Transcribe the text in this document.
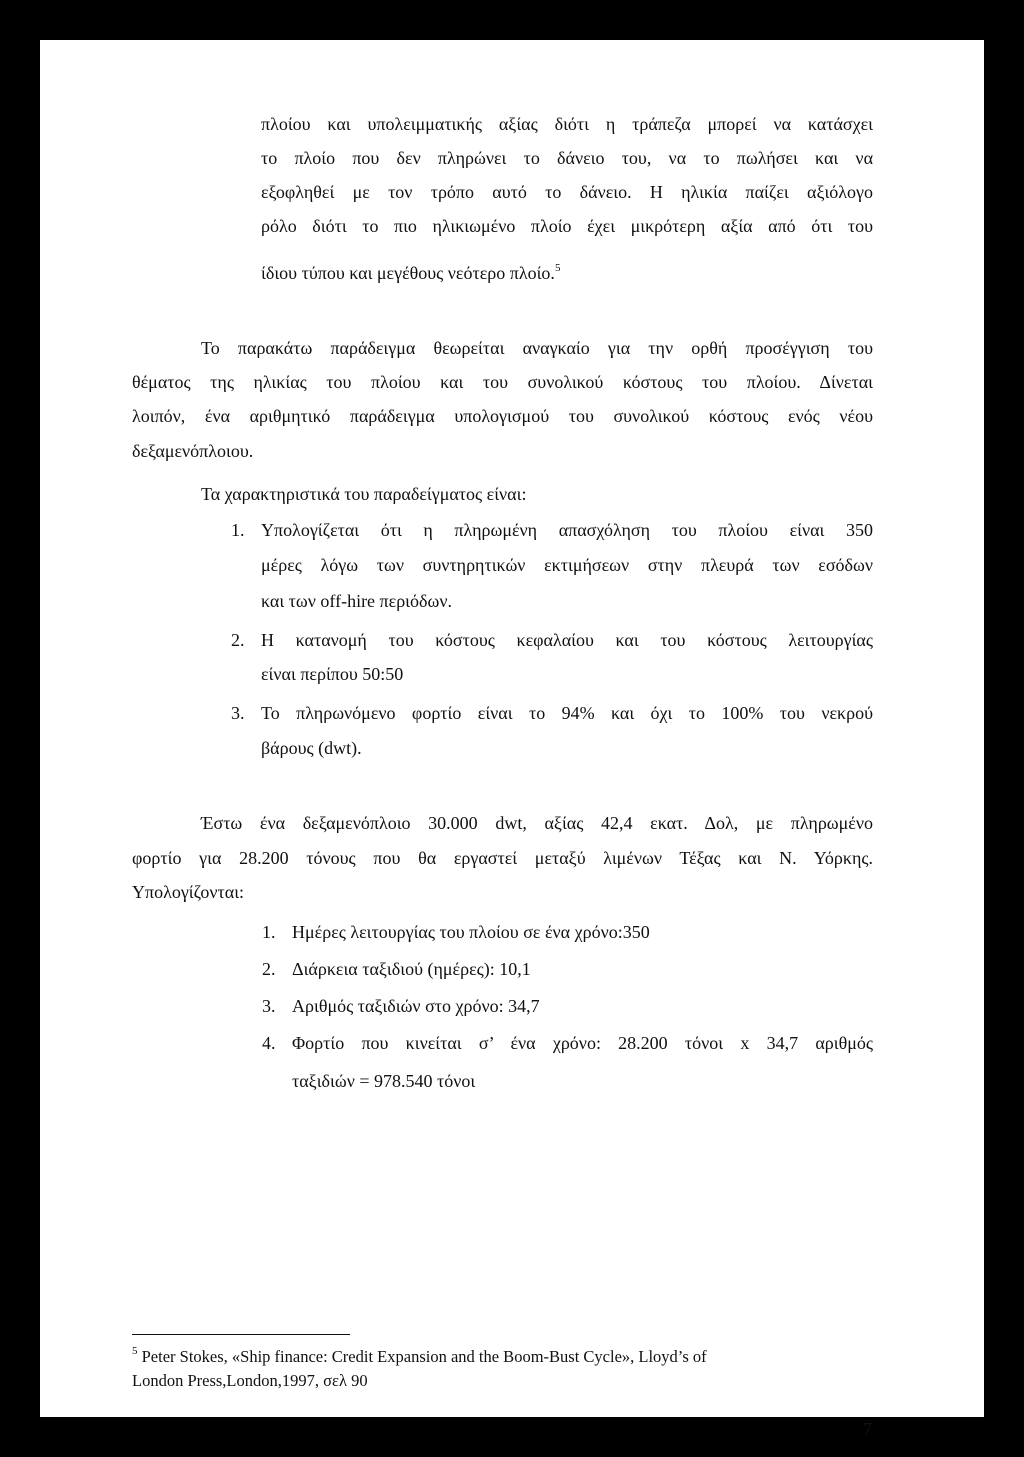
πλοίου και υπολειμματικής αξίας διότι η τράπεζα μπορεί να κατάσχει

το πλοίο που δεν πληρώνει το δάνειο του, να το πωλήσει και να

εξοφληθεί με τον τρόπο αυτό το δάνειο. Η ηλικία παίζει αξιόλογο

ρόλο διότι το πιο ηλικιωμένο πλοίο έχει μικρότερη αξία από ότι του

ίδιου τύπου και μεγέθους νεότερο πλοίο.$^5$

Το παρακάτω παράδειγμα θεωρείται αναγκαίο για την ορθή προσέγγιση του

θέματος της ηλικίας του πλοίου και του συνολικού κόστους του πλοίου. Δίνεται

λοιπόν, ένα αριθμητικό παράδειγμα υπολογισμού του συνολικού κόστους ενός νέου

δεξαμενόπλοιου.

Τα χαρακτηριστικά του παραδείγματος είναι:

1. Υπολογίζεται ότι η πληρωμένη απασχόληση του πλοίου είναι 350

μέρες λόγω των συντηρητικών εκτιμήσεων στην πλευρά των εσόδων

και των off-hire περιόδων.

2. Η κατανομή του κόστους κεφαλαίου και του κόστους λειτουργίας

είναι περίπου 50:50

3. Το πληρωνόμενο φορτίο είναι το 94% και όχι το 100% του νεκρού

βάρους (dwt).

Έστω ένα δεξαμενόπλοιο 30.000 dwt, αξίας 42,4 εκατ. Δολ, με πληρωμένο

φορτίο για 28.200 τόνους που θα εργαστεί μεταξύ λιμένων Τέξας και Ν. Υόρκης.

Υπολογίζονται:

1. Ημέρες λειτουργίας του πλοίου σε ένα χρόνο:350

2. Διάρκεια ταξιδιού (ημέρες): 10,1

3. Αριθμός ταξιδιών στο χρόνο: 34,7

4. Φορτίο που κινείται σ’ ένα χρόνο: 28.200 τόνοι x 34,7 αριθμός

ταξιδιών = 978.540 τόνοι

$^5$ Peter Stokes, «Ship finance: Credit Expansion and the Boom-Bust Cycle», Lloyd’s of

London Press,London,1997, σελ 90

7
